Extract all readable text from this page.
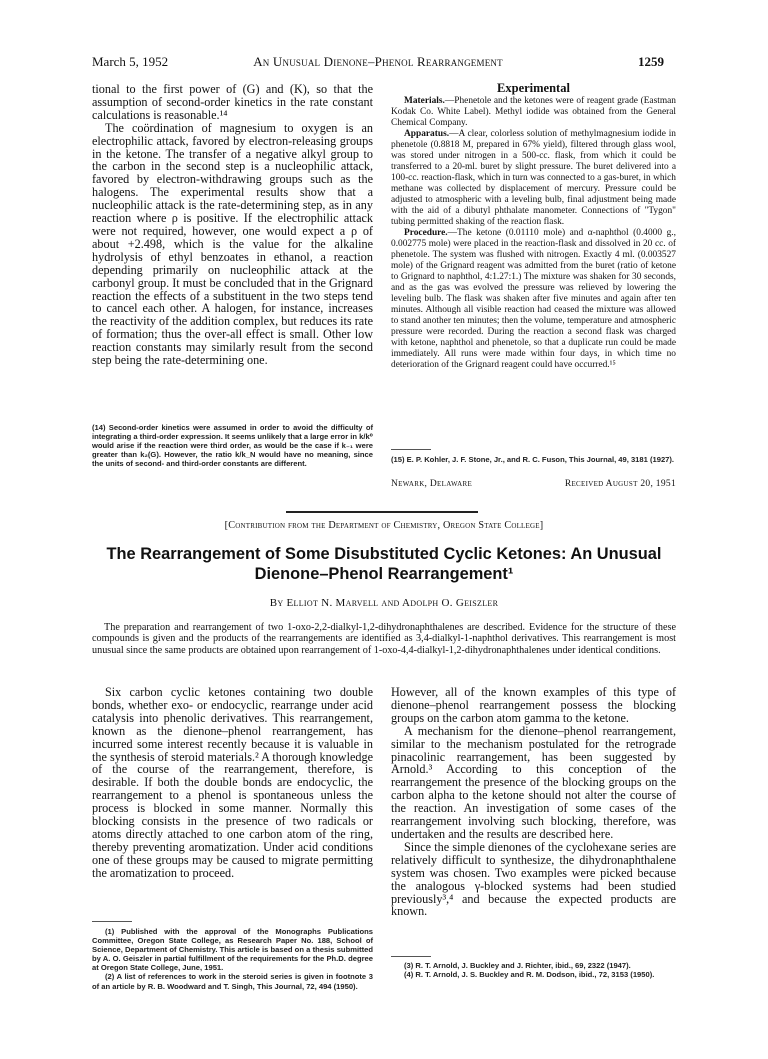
March 5, 1952	An Unusual Dienone–Phenol Rearrangement	1259

tional to the first power of (G) and (K), so that the assumption of second-order kinetics in the rate constant calculations is reasonable.¹⁴

The coördination of magnesium to oxygen is an electrophilic attack, favored by electron-releasing groups in the ketone. The transfer of a negative alkyl group to the carbon in the second step is a nucleophilic attack, favored by electron-withdrawing groups such as the halogens. The experimental results show that a nucleophilic attack is the rate-determining step, as in any reaction where ρ is positive. If the electrophilic attack were not required, however, one would expect a ρ of about +2.498, which is the value for the alkaline hydrolysis of ethyl benzoates in ethanol, a reaction depending primarily on nucleophilic attack at the carbonyl group. It must be concluded that in the Grignard reaction the effects of a substituent in the two steps tend to cancel each other. A halogen, for instance, increases the reactivity of the addition complex, but reduces its rate of formation; thus the over-all effect is small. Other low reaction constants may similarly result from the second step being the rate-determining one.

(14) Second-order kinetics were assumed in order to avoid the difficulty of integrating a third-order expression. It seems unlikely that a large error in k/k⁰ would arise if the reaction were third order, as would be the case if k₋₁ were greater than k₂(G). However, the ratio k/k_N would have no meaning, since the units of second- and third-order constants are different.
Experimental

Materials.—Phenetole and the ketones were of reagent grade (Eastman Kodak Co. White Label). Methyl iodide was obtained from the General Chemical Company.

Apparatus.—A clear, colorless solution of methylmagnesium iodide in phenetole (0.8818 M, prepared in 67% yield), filtered through glass wool, was stored under nitrogen in a 500-cc. flask, from which it could be transferred to a 20-ml. buret by slight pressure. The buret delivered into a 100-cc. reaction-flask, which in turn was connected to a gas-buret, in which methane was collected by displacement of mercury. Pressure could be adjusted to atmospheric with a leveling bulb, final adjustment being made with the aid of a dibutyl phthalate manometer. Connections of "Tygon" tubing permitted shaking of the reaction flask.

Procedure.—The ketone (0.01110 mole) and α-naphthol (0.4000 g., 0.002775 mole) were placed in the reaction-flask and dissolved in 20 cc. of phenetole. The system was flushed with nitrogen. Exactly 4 ml. (0.003527 mole) of the Grignard reagent was admitted from the buret (ratio of ketone to Grignard to naphthol, 4:1.27:1.) The mixture was shaken for 30 seconds, and as the gas was evolved the pressure was relieved by lowering the leveling bulb. The flask was shaken after five minutes and again after ten minutes. Although all visible reaction had ceased the mixture was allowed to stand another ten minutes; then the volume, temperature and atmospheric pressure were recorded. During the reaction a second flask was charged with ketone, naphthol and phenetole, so that a duplicate run could be made immediately. All runs were made within four days, in which time no deterioration of the Grignard reagent could have occurred.¹⁵

(15) E. P. Kohler, J. F. Stone, Jr., and R. C. Fuson, This Journal, 49, 3181 (1927).
Newark, Delaware	Received August 20, 1951
[Contribution from the Department of Chemistry, Oregon State College]
The Rearrangement of Some Disubstituted Cyclic Ketones: An Unusual Dienone–Phenol Rearrangement¹
By Elliot N. Marvell and Adolph O. Geiszler
The preparation and rearrangement of two 1-oxo-2,2-dialkyl-1,2-dihydronaphthalenes are described. Evidence for the structure of these compounds is given and the products of the rearrangements are identified as 3,4-dialkyl-1-naphthol derivatives. This rearrangement is most unusual since the same products are obtained upon rearrangement of 1-oxo-4,4-dialkyl-1,2-dihydronaphthalenes under identical conditions.

Six carbon cyclic ketones containing two double bonds, whether exo- or endocyclic, rearrange under acid catalysis into phenolic derivatives. This rearrangement, known as the dienone–phenol rearrangement, has incurred some interest recently because it is valuable in the synthesis of steroid materials.² A thorough knowledge of the course of the rearrangement, therefore, is desirable. If both the double bonds are endocyclic, the rearrangement to a phenol is spontaneous unless the process is blocked in some manner. Normally this blocking consists in the presence of two radicals or atoms directly attached to one carbon atom of the ring, thereby preventing aromatization. Under acid conditions one of these groups may be caused to migrate permitting the aromatization to proceed.

(1) Published with the approval of the Monographs Publications Committee, Oregon State College, as Research Paper No. 188, School of Science, Department of Chemistry. This article is based on a thesis submitted by A. O. Geiszler in partial fulfillment of the requirements for the Ph.D. degree at Oregon State College, June, 1951.

(2) A list of references to work in the steroid series is given in footnote 3 of an article by R. B. Woodward and T. Singh, This Journal, 72, 494 (1950).

However, all of the known examples of this type of dienone–phenol rearrangement possess the blocking groups on the carbon atom gamma to the ketone.

A mechanism for the dienone–phenol rearrangement, similar to the mechanism postulated for the retrograde pinacolinic rearrangement, has been suggested by Arnold.³ According to this conception of the rearrangement the presence of the blocking groups on the carbon alpha to the ketone should not alter the course of the reaction. An investigation of some cases of the rearrangement involving such blocking, therefore, was undertaken and the results are described here.

Since the simple dienones of the cyclohexane series are relatively difficult to synthesize, the dihydronaphthalene system was chosen. Two examples were picked because the analogous γ-blocked systems had been studied previously³,⁴ and because the expected products are known.

(3) R. T. Arnold, J. Buckley and J. Richter, ibid., 69, 2322 (1947).

(4) R. T. Arnold, J. S. Buckley and R. M. Dodson, ibid., 72, 3153 (1950).
